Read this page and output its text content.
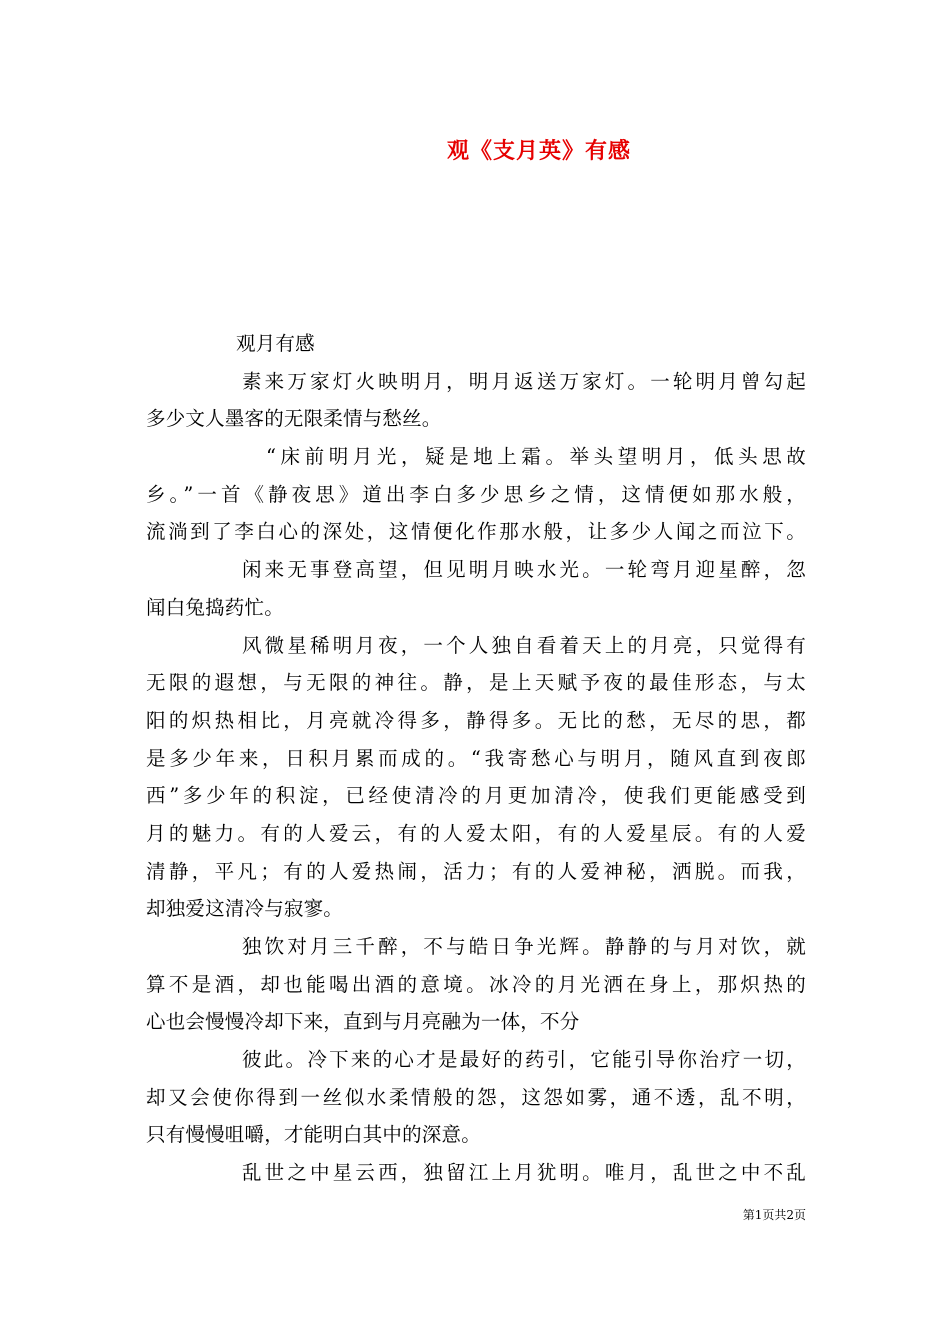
观《支月英》有感
观月有感
素来万家灯火映明月，明月返送万家灯。一轮明月曾勾起
多少文人墨客的无限柔情与愁丝。
“床前明月光，疑是地上霜。举头望明月，低头思故
乡。”一首《静夜思》道出李白多少思乡之情，这情便如那水般，
流淌到了李白心的深处，这情便化作那水般，让多少人闻之而泣下。
闲来无事登高望，但见明月映水光。一轮弯月迎星醉，忽
闻白兔捣药忙。
风微星稀明月夜，一个人独自看着天上的月亮，只觉得有
无限的遐想，与无限的神往。静，是上天赋予夜的最佳形态，与太
阳的炽热相比，月亮就冷得多，静得多。无比的愁，无尽的思，都
是多少年来，日积月累而成的。“我寄愁心与明月，随风直到夜郎
西”多少年的积淀，已经使清冷的月更加清冷，使我们更能感受到
月的魅力。有的人爱云，有的人爱太阳，有的人爱星辰。有的人爱
清静，平凡；有的人爱热闹，活力；有的人爱神秘，洒脱。而我，
却独爱这清冷与寂寥。
独饮对月三千醉，不与皓日争光辉。静静的与月对饮，就
算不是酒，却也能喝出酒的意境。冰冷的月光洒在身上，那炽热的
心也会慢慢冷却下来，直到与月亮融为一体，不分
彼此。冷下来的心才是最好的药引，它能引导你治疗一切，
却又会使你得到一丝似水柔情般的怨，这怨如雾，通不透，乱不明，
只有慢慢咀嚼，才能明白其中的深意。
乱世之中星云西，独留江上月犹明。唯月，乱世之中不乱
第1页共2页
